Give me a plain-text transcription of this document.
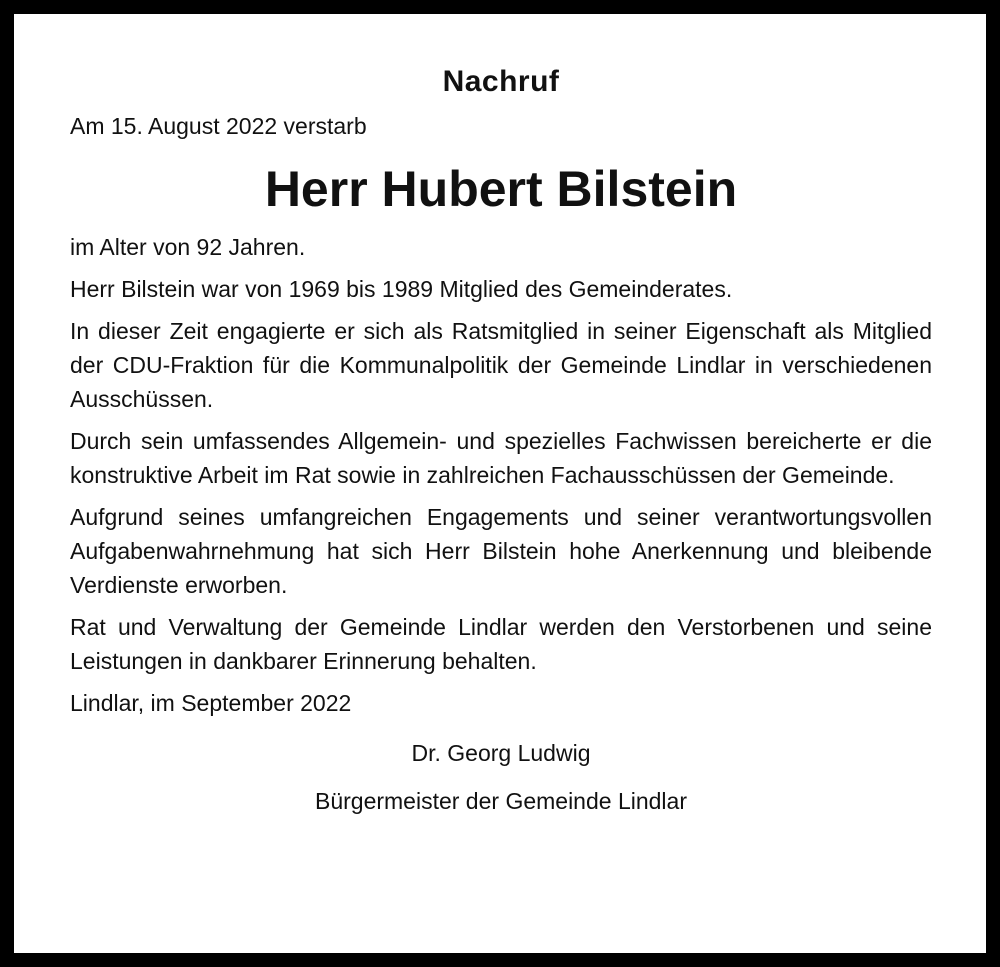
Nachruf

Am 15. August 2022 verstarb

Herr Hubert Bilstein

im Alter von 92 Jahren.

Herr Bilstein war von 1969 bis 1989 Mitglied des Gemeinderates.

In dieser Zeit engagierte er sich als Ratsmitglied in seiner Eigenschaft als Mitglied der CDU-Fraktion für die Kommunalpolitik der Gemeinde Lindlar in verschiedenen Ausschüssen.

Durch sein umfassendes Allgemein- und spezielles Fachwissen bereicherte er die konstruktive Arbeit im Rat sowie in zahlreichen Fachausschüssen der Gemeinde.

Aufgrund seines umfangreichen Engagements und seiner verantwortungsvollen Aufgabenwahrnehmung hat sich Herr Bilstein hohe Anerkennung und bleibende Verdienste erworben.

Rat und Verwaltung der Gemeinde Lindlar werden den Verstorbenen und seine Leistungen in dankbarer Erinnerung behalten.

Lindlar, im September 2022

Dr. Georg Ludwig
Bürgermeister der Gemeinde Lindlar
